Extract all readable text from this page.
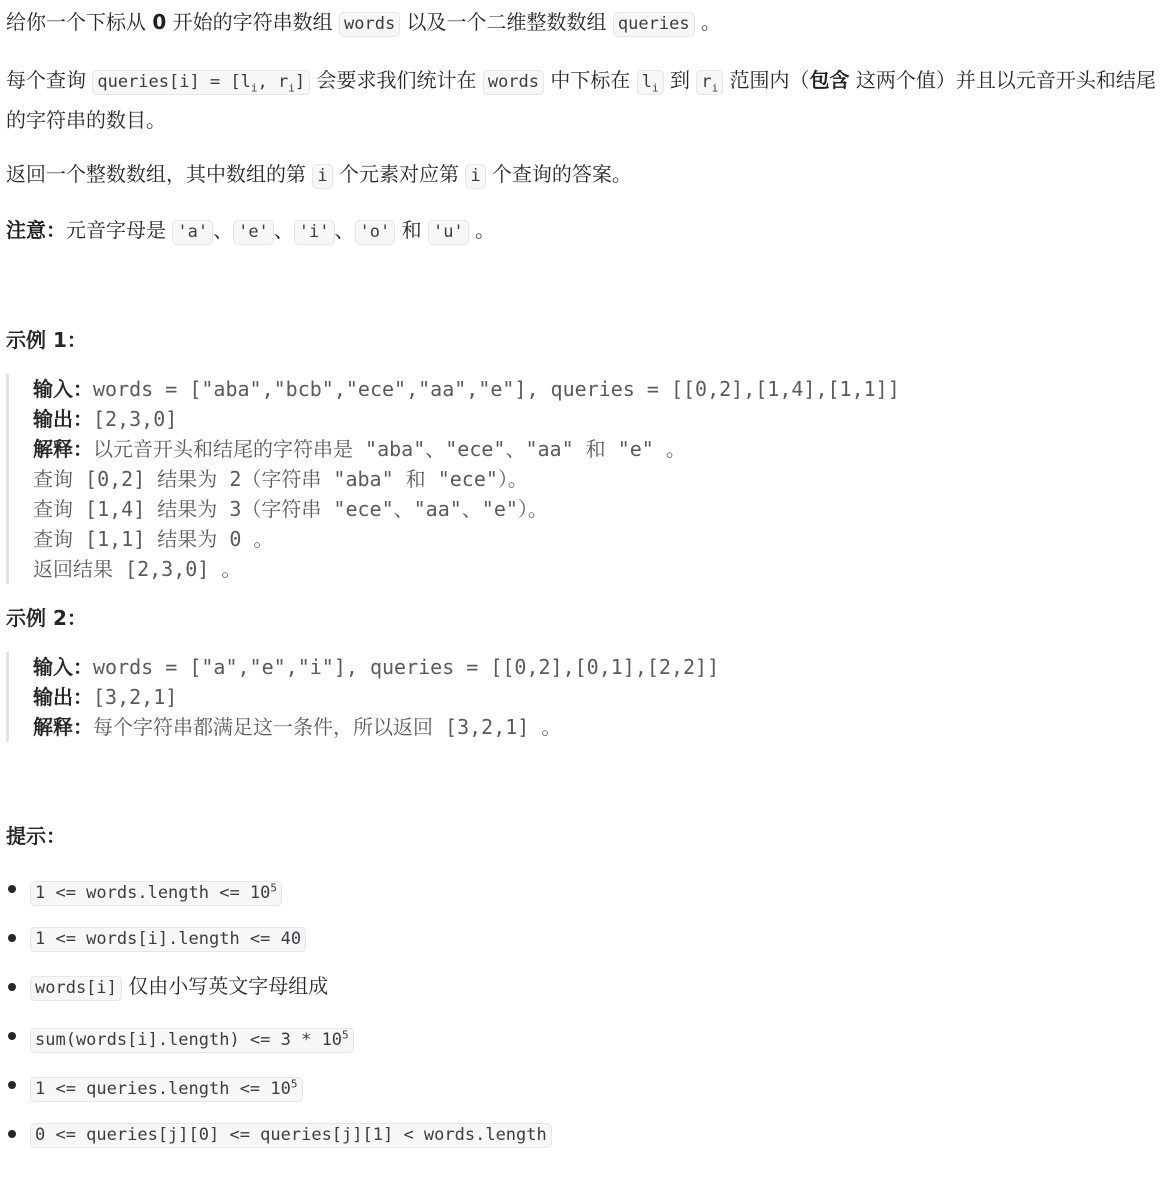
给你一个下标从 0 开始的字符串数组 words 以及一个二维整数数组 queries 。

每个查询 queries[i] = [$l_i$, $r_i$] 会要求我们统计在 words 中下标在 $l_i$ 到 $r_i$ 范围内（包含 这两个值）并且以元音开头和结尾的字符串的数目。

返回一个整数数组，其中数组的第 i 个元素对应第 i 个查询的答案。

注意：元音字母是 'a' 、 'e' 、 'i' 、 'o' 和 'u' 。

示例 1：
输入：words = ["aba","bcb","ece","aa","e"], queries = [[0,2],[1,4],[1,1]]
输出：[2,3,0]
解释：以元音开头和结尾的字符串是 "aba"、"ece"、"aa" 和 "e" 。
查询 [0,2] 结果为 2（字符串 "aba" 和 "ece"）。
查询 [1,4] 结果为 3（字符串 "ece"、"aa"、"e"）。
查询 [1,1] 结果为 0 。
返回结果 [2,3,0] 。
示例 2：
输入：words = ["a","e","i"], queries = [[0,2],[0,1],[2,2]]
输出：[3,2,1]
解释：每个字符串都满足这一条件，所以返回 [3,2,1] 。
提示：
1 <= words.length <= $10^5$
1 <= words[i].length <= 40
words[i] 仅由小写英文字母组成
sum(words[i].length) <= $3 * 10^5$
1 <= queries.length <= $10^5$
0 <= queries[j][0] <= queries[j][1] < words.length
